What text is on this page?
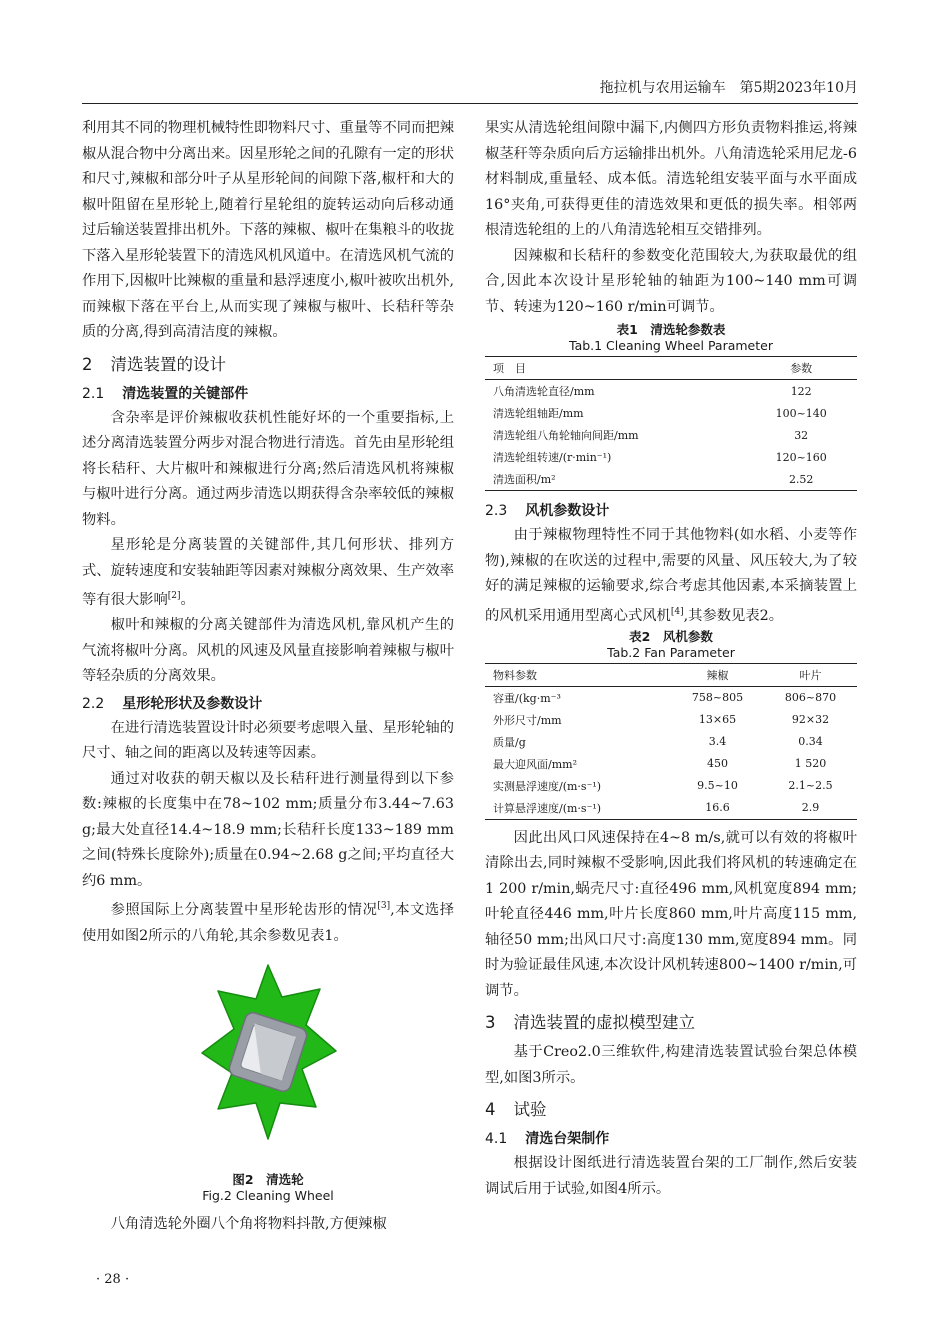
拖拉机与农用运输车　第5期2023年10月

利用其不同的物理机械特性即物料尺寸、重量等不同而把辣椒从混合物中分离出来。因星形轮之间的孔隙有一定的形状和尺寸,辣椒和部分叶子从星形轮间的间隙下落,椒杆和大的椒叶阻留在星形轮上,随着行星轮组的旋转运动向后移动通过后输送装置排出机外。下落的辣椒、椒叶在集粮斗的收拢下落入星形轮装置下的清选风机风道中。在清选风机气流的作用下,因椒叶比辣椒的重量和悬浮速度小,椒叶被吹出机外,而辣椒下落在平台上,从而实现了辣椒与椒叶、长秸秆等杂质的分离,得到高清洁度的辣椒。

2 清选装置的设计
2.1 清选装置的关键部件

含杂率是评价辣椒收获机性能好坏的一个重要指标,上述分离清选装置分两步对混合物进行清选。首先由星形轮组将长秸秆、大片椒叶和辣椒进行分离;然后清选风机将辣椒与椒叶进行分离。通过两步清选以期获得含杂率较低的辣椒物料。

星形轮是分离装置的关键部件,其几何形状、排列方式、旋转速度和安装轴距等因素对辣椒分离效果、生产效率等有很大影响[2]。

椒叶和辣椒的分离关键部件为清选风机,靠风机产生的气流将椒叶分离。风机的风速及风量直接影响着辣椒与椒叶等轻杂质的分离效果。

2.2 星形轮形状及参数设计

在进行清选装置设计时必须要考虑喂入量、星形轮轴的尺寸、轴之间的距离以及转速等因素。

通过对收获的朝天椒以及长秸秆进行测量得到以下参数:辣椒的长度集中在78~102 mm;质量分布3.44~7.63 g;最大处直径14.4~18.9 mm;长秸秆长度133~189 mm之间(特殊长度除外);质量在0.94~2.68 g之间;平均直径大约6 mm。

参照国际上分离装置中星形轮齿形的情况[3],本文选择使用如图2所示的八角轮,其余参数见表1。

图2　清选轮
Fig.2 Cleaning Wheel

八角清选轮外圈八个角将物料抖散,方便辣椒

果实从清选轮组间隙中漏下,内侧四方形负责物料推运,将辣椒茎秆等杂质向后方运输排出机外。八角清选轮采用尼龙-6材料制成,重量轻、成本低。清选轮组安装平面与水平面成16°夹角,可获得更佳的清选效果和更低的损失率。相邻两根清选轮组的上的八角清选轮相互交错排列。

因辣椒和长秸秆的参数变化范围较大,为获取最优的组合,因此本次设计星形轮轴的轴距为100~140 mm可调节、转速为120~160 r/min可调节。

表1　清选轮参数表
Tab.1 Cleaning Wheel Parameter
项　目	参数
八角清选轮直径/mm	122
清选轮组轴距/mm	100~140
清选轮组八角轮轴向间距/mm	32
清选轮组转速/(r·min⁻¹)	120~160
清选面积/m²	2.52
2.3 风机参数设计

由于辣椒物理特性不同于其他物料(如水稻、小麦等作物),辣椒的在吹送的过程中,需要的风量、风压较大,为了较好的满足辣椒的运输要求,综合考虑其他因素,本采摘装置上的风机采用通用型离心式风机[4],其参数见表2。

表2　风机参数
Tab.2 Fan Parameter
物料参数	辣椒	叶片
容重/(kg·m⁻³	758~805	806~870
外形尺寸/mm	13×65	92×32
质量/g	3.4	0.34
最大迎风面/mm²	450	1 520
实测悬浮速度/(m·s⁻¹)	9.5~10	2.1~2.5
计算悬浮速度/(m·s⁻¹)	16.6	2.9

因此出风口风速保持在4~8 m/s,就可以有效的将椒叶清除出去,同时辣椒不受影响,因此我们将风机的转速确定在1 200 r/min,蜗壳尺寸:直径496 mm,风机宽度894 mm;叶轮直径446 mm,叶片长度860 mm,叶片高度115 mm,轴径50 mm;出风口尺寸:高度130 mm,宽度894 mm。同时为验证最佳风速,本次设计风机转速800~1400 r/min,可调节。

3 清选装置的虚拟模型建立

基于Creo2.0三维软件,构建清选装置试验台架总体模型,如图3所示。

4 试验
4.1 清选台架制作

根据设计图纸进行清选装置台架的工厂制作,然后安装调试后用于试验,如图4所示。

· 28 ·
